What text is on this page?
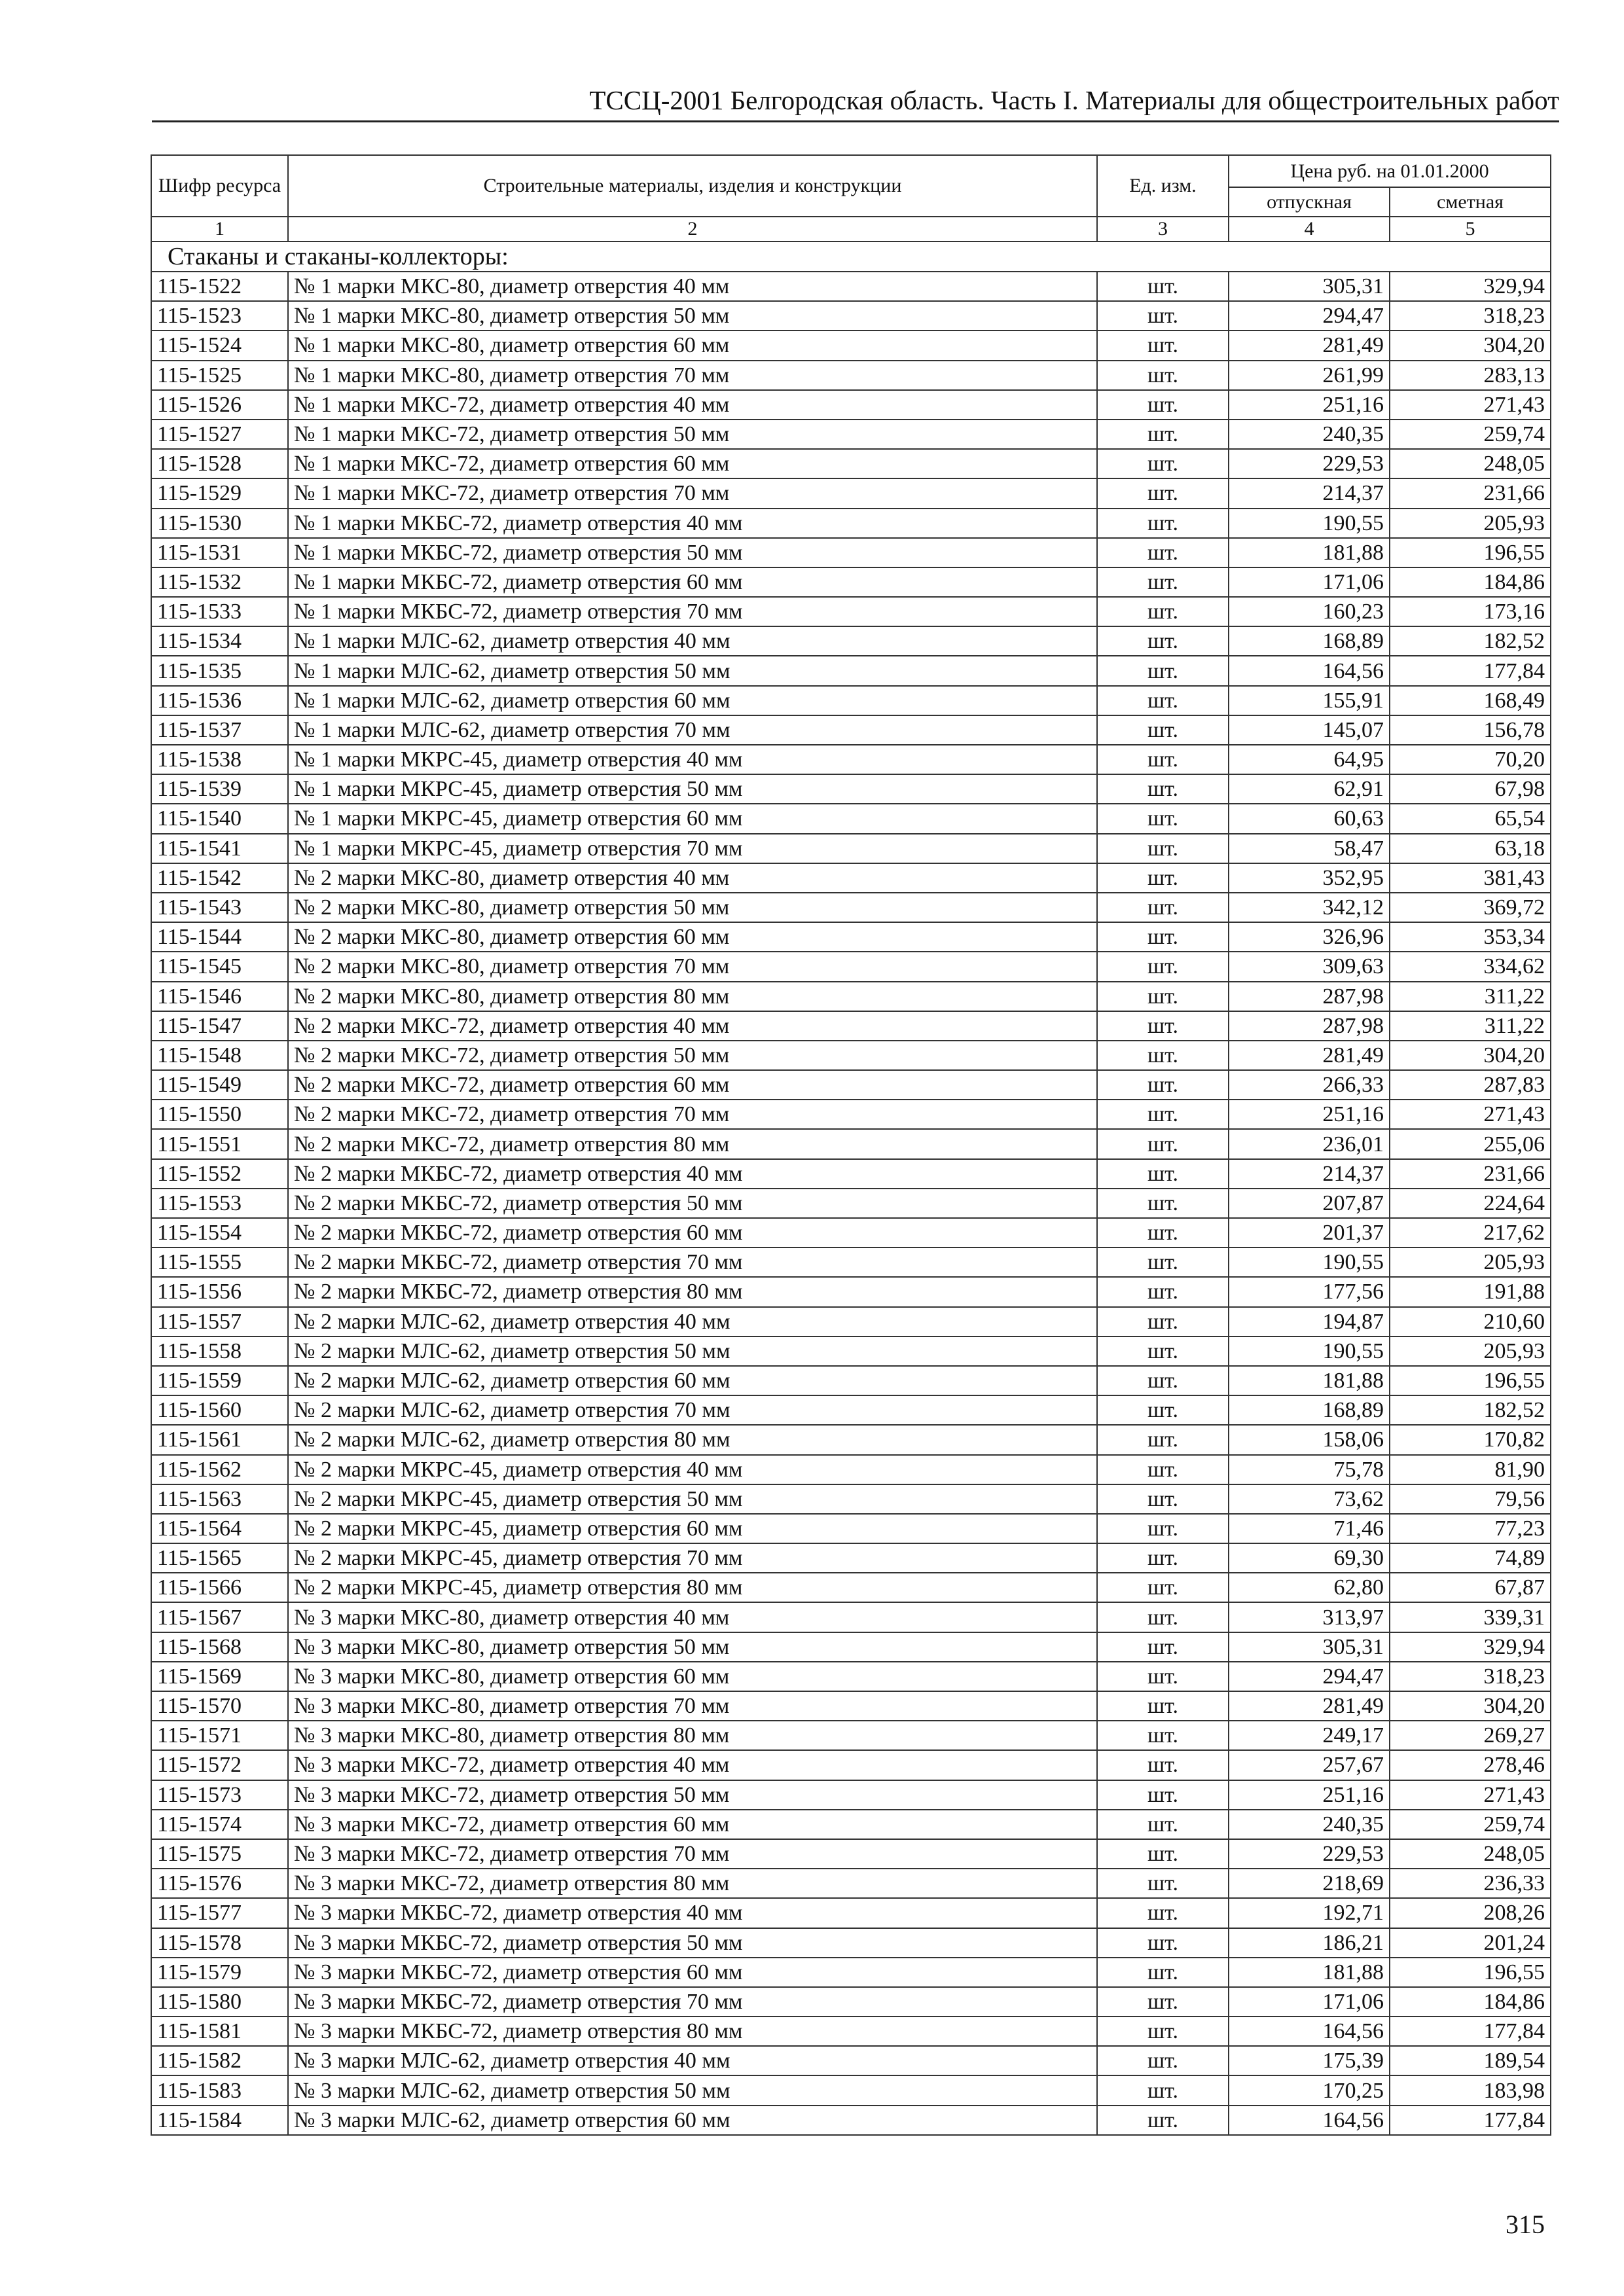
ТССЦ-2001 Белгородская область. Часть I. Материалы для общестроительных работ
Шифр ресурса	Строительные материалы, изделия и конструкции	Ед. изм.	Цена руб. на 01.01.2000	
			отпускная	сметная
1	2	3	4	5
Стаканы и стаканы-коллекторы:				
115-1522	№ 1 марки МКС-80, диаметр отверстия 40 мм	шт.	305,31	329,94
115-1523	№ 1 марки МКС-80, диаметр отверстия 50 мм	шт.	294,47	318,23
115-1524	№ 1 марки МКС-80, диаметр отверстия 60 мм	шт.	281,49	304,20
115-1525	№ 1 марки МКС-80, диаметр отверстия 70 мм	шт.	261,99	283,13
115-1526	№ 1 марки МКС-72, диаметр отверстия 40 мм	шт.	251,16	271,43
115-1527	№ 1 марки МКС-72, диаметр отверстия 50 мм	шт.	240,35	259,74
115-1528	№ 1 марки МКС-72, диаметр отверстия 60 мм	шт.	229,53	248,05
115-1529	№ 1 марки МКС-72, диаметр отверстия 70 мм	шт.	214,37	231,66
115-1530	№ 1 марки МКБС-72, диаметр отверстия 40 мм	шт.	190,55	205,93
115-1531	№ 1 марки МКБС-72, диаметр отверстия 50 мм	шт.	181,88	196,55
115-1532	№ 1 марки МКБС-72, диаметр отверстия 60 мм	шт.	171,06	184,86
115-1533	№ 1 марки МКБС-72, диаметр отверстия 70 мм	шт.	160,23	173,16
115-1534	№ 1 марки МЛС-62, диаметр отверстия 40 мм	шт.	168,89	182,52
115-1535	№ 1 марки МЛС-62, диаметр отверстия 50 мм	шт.	164,56	177,84
115-1536	№ 1 марки МЛС-62, диаметр отверстия 60 мм	шт.	155,91	168,49
115-1537	№ 1 марки МЛС-62, диаметр отверстия 70 мм	шт.	145,07	156,78
115-1538	№ 1 марки МКРС-45, диаметр отверстия 40 мм	шт.	64,95	70,20
115-1539	№ 1 марки МКРС-45, диаметр отверстия 50 мм	шт.	62,91	67,98
115-1540	№ 1 марки МКРС-45, диаметр отверстия 60 мм	шт.	60,63	65,54
115-1541	№ 1 марки МКРС-45, диаметр отверстия 70 мм	шт.	58,47	63,18
115-1542	№ 2 марки МКС-80, диаметр отверстия 40 мм	шт.	352,95	381,43
115-1543	№ 2 марки МКС-80, диаметр отверстия 50 мм	шт.	342,12	369,72
115-1544	№ 2 марки МКС-80, диаметр отверстия 60 мм	шт.	326,96	353,34
115-1545	№ 2 марки МКС-80, диаметр отверстия 70 мм	шт.	309,63	334,62
115-1546	№ 2 марки МКС-80, диаметр отверстия 80 мм	шт.	287,98	311,22
115-1547	№ 2 марки МКС-72, диаметр отверстия 40 мм	шт.	287,98	311,22
115-1548	№ 2 марки МКС-72, диаметр отверстия 50 мм	шт.	281,49	304,20
115-1549	№ 2 марки МКС-72, диаметр отверстия 60 мм	шт.	266,33	287,83
115-1550	№ 2 марки МКС-72, диаметр отверстия 70 мм	шт.	251,16	271,43
115-1551	№ 2 марки МКС-72, диаметр отверстия 80 мм	шт.	236,01	255,06
115-1552	№ 2 марки МКБС-72, диаметр отверстия 40 мм	шт.	214,37	231,66
115-1553	№ 2 марки МКБС-72, диаметр отверстия 50 мм	шт.	207,87	224,64
115-1554	№ 2 марки МКБС-72, диаметр отверстия 60 мм	шт.	201,37	217,62
115-1555	№ 2 марки МКБС-72, диаметр отверстия 70 мм	шт.	190,55	205,93
115-1556	№ 2 марки МКБС-72, диаметр отверстия 80 мм	шт.	177,56	191,88
115-1557	№ 2 марки МЛС-62, диаметр отверстия 40 мм	шт.	194,87	210,60
115-1558	№ 2 марки МЛС-62, диаметр отверстия 50 мм	шт.	190,55	205,93
115-1559	№ 2 марки МЛС-62, диаметр отверстия 60 мм	шт.	181,88	196,55
115-1560	№ 2 марки МЛС-62, диаметр отверстия 70 мм	шт.	168,89	182,52
115-1561	№ 2 марки МЛС-62, диаметр отверстия 80 мм	шт.	158,06	170,82
115-1562	№ 2 марки МКРС-45, диаметр отверстия 40 мм	шт.	75,78	81,90
115-1563	№ 2 марки МКРС-45, диаметр отверстия 50 мм	шт.	73,62	79,56
115-1564	№ 2 марки МКРС-45, диаметр отверстия 60 мм	шт.	71,46	77,23
115-1565	№ 2 марки МКРС-45, диаметр отверстия 70 мм	шт.	69,30	74,89
115-1566	№ 2 марки МКРС-45, диаметр отверстия 80 мм	шт.	62,80	67,87
115-1567	№ 3 марки МКС-80, диаметр отверстия 40 мм	шт.	313,97	339,31
115-1568	№ 3 марки МКС-80, диаметр отверстия 50 мм	шт.	305,31	329,94
115-1569	№ 3 марки МКС-80, диаметр отверстия 60 мм	шт.	294,47	318,23
115-1570	№ 3 марки МКС-80, диаметр отверстия 70 мм	шт.	281,49	304,20
115-1571	№ 3 марки МКС-80, диаметр отверстия 80 мм	шт.	249,17	269,27
115-1572	№ 3 марки МКС-72, диаметр отверстия 40 мм	шт.	257,67	278,46
115-1573	№ 3 марки МКС-72, диаметр отверстия 50 мм	шт.	251,16	271,43
115-1574	№ 3 марки МКС-72, диаметр отверстия 60 мм	шт.	240,35	259,74
115-1575	№ 3 марки МКС-72, диаметр отверстия 70 мм	шт.	229,53	248,05
115-1576	№ 3 марки МКС-72, диаметр отверстия 80 мм	шт.	218,69	236,33
115-1577	№ 3 марки МКБС-72, диаметр отверстия 40 мм	шт.	192,71	208,26
115-1578	№ 3 марки МКБС-72, диаметр отверстия 50 мм	шт.	186,21	201,24
115-1579	№ 3 марки МКБС-72, диаметр отверстия 60 мм	шт.	181,88	196,55
115-1580	№ 3 марки МКБС-72, диаметр отверстия 70 мм	шт.	171,06	184,86
115-1581	№ 3 марки МКБС-72, диаметр отверстия 80 мм	шт.	164,56	177,84
115-1582	№ 3 марки МЛС-62, диаметр отверстия 40 мм	шт.	175,39	189,54
115-1583	№ 3 марки МЛС-62, диаметр отверстия 50 мм	шт.	170,25	183,98
115-1584	№ 3 марки МЛС-62, диаметр отверстия 60 мм	шт.	164,56	177,84
315
